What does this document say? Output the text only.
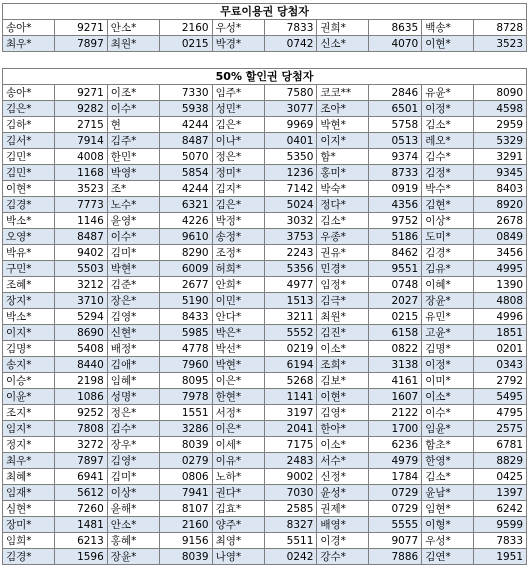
무료이용권 당첨자									
송아*	9271	안소*	2160	우성*	7833	권희*	8635	백송*	8728
최우*	7897	최원*	0215	박경*	0742	신소*	4070	이현*	3523
50% 할인권 당첨자									
송아*	9271	이조*	7330	임주*	7580	코코**	2846	유윤*	8090
김은*	9282	이수*	5938	성민*	3077	조아*	6501	이정*	4598
김하*	2715	현	4244	김은*	9969	박현*	5758	김소*	2959
김서*	7914	김주*	8487	이나*	0401	이지*	0513	레오*	5329
김민*	4008	한민*	5070	정은*	5350	함*	9374	김수*	3291
김민*	1168	박영*	5854	정미*	1236	홍미*	8733	김정*	9345
이현*	3523	조*	4244	김지*	7142	박숙*	0919	박수*	8403
김경*	7773	노수*	6321	김은*	5024	정다*	4356	김현*	8920
박소*	1146	윤영*	4226	박정*	3032	김소*	9752	이상*	2678
오영*	8487	이수*	9610	송정*	3753	우종*	5186	도미*	0849
박유*	9402	김미*	8290	조정*	2243	권유*	8462	김경*	3456
구민*	5503	박현*	6009	허희*	5356	민경*	9551	김유*	4995
조혜*	3212	김준*	2677	안희*	4977	임정*	0748	이혜*	1390
장지*	3710	장은*	5190	이민*	1513	김극*	2027	장윤*	4808
박소*	5294	김영*	8433	안다*	3211	최원*	0215	유민*	4996
이지*	8690	신현*	5985	박은*	5552	김진*	6158	고윤*	1851
김명*	5408	배정*	4778	박선*	0219	이소*	0822	김명*	0201
송지*	8440	김애*	7960	박현*	6194	조희*	3138	이정*	0343
이승*	2198	임혜*	8095	이은*	5268	김보*	4161	이미*	2792
이윤*	1086	성명*	7978	한현*	1141	이현*	1607	이소*	5495
조지*	9252	정은*	1551	서정*	3197	김영*	2122	이수*	4795
임지*	7808	김수*	3286	이은*	2041	한아*	1700	임윤*	2575
정지*	3272	장우*	8039	이세*	7175	이소*	6236	함초*	6781
최우*	7897	김영*	0279	이유*	2483	서수*	4979	한영*	8829
최혜*	6941	김미*	0806	노하*	9002	신정*	1784	김소*	0425
임재*	5612	이상*	7941	권다*	7030	윤성*	0729	윤남*	1397
심현*	7260	윤해*	8107	김효*	2585	권제*	0729	임현*	6242
장미*	1481	안소*	2160	양주*	8327	배영*	5555	이형*	9599
임희*	6213	홍혜*	9156	최영*	5511	이경*	9077	우성*	7833
김경*	1596	장윤*	8039	나영*	0242	강수*	7886	김연*	1951
